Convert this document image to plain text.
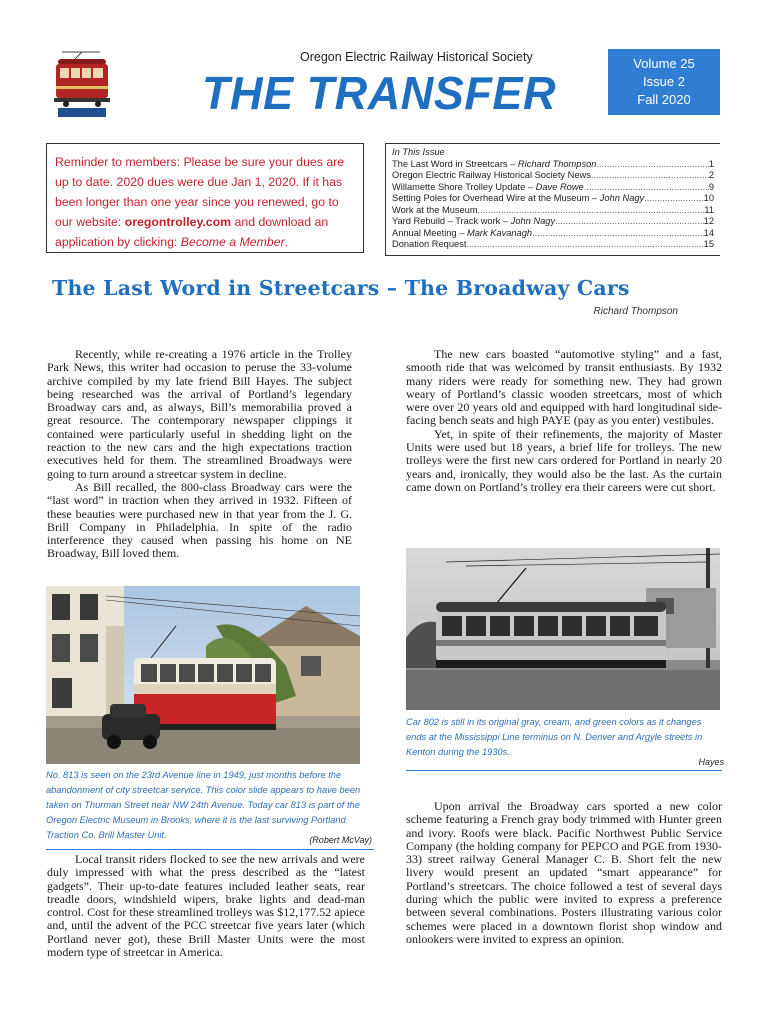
Oregon Electric Railway Historical Society
THE TRANSFER
Volume 25
Issue 2
Fall 2020
Reminder to members: Please be sure your dues are up to date. 2020 dues were due Jan 1, 2020. If it has been longer than one year since you renewed, go to our website: oregontrolley.com and download an application by clicking: Become a Member.
In This Issue
The Last Word in Streetcars – Richard Thompson .....	1
Oregon Electric Railway Historical Society News .....	2
Willamette Shore Trolley Update – Dave Rowe .....	9
Setting Poles for Overhead Wire at the Museum – John Nagy .....	10
Work at the Museum .....	11
Yard Rebuild – Track work – John Nagy .....	12
Annual Meeting – Mark Kavanagh .....	14
Donation Request .....	15
The Last Word in Streetcars – The Broadway Cars
Richard Thompson

Recently, while re-creating a 1976 article in the Trolley Park News, this writer had occasion to peruse the 33-volume archive compiled by my late friend Bill Hayes. The subject being researched was the arrival of Portland’s legendary Broadway cars and, as always, Bill’s memorabilia proved a great resource. The contemporary newspaper clippings it contained were particularly useful in shedding light on the reaction to the new cars and the high expectations traction executives held for them. The streamlined Broadways were going to turn around a streetcar system in decline.

As Bill recalled, the 800-class Broadway cars were the “last word” in traction when they arrived in 1932. Fifteen of these beauties were purchased new in that year from the J. G. Brill Company in Philadelphia. In spite of the radio interference they caused when passing his home on NE Broadway, Bill loved them.

The new cars boasted “automotive styling” and a fast, smooth ride that was welcomed by transit enthusiasts. By 1932 many riders were ready for something new. They had grown weary of Portland’s classic wooden streetcars, most of which were over 20 years old and equipped with hard longitudinal side-facing bench seats and high PAYE (pay as you enter) vestibules.

Yet, in spite of their refinements, the majority of Master Units were used but 18 years, a brief life for trolleys. The new trolleys were the first new cars ordered for Portland in nearly 20 years and, ironically, they would also be the last. As the curtain came down on Portland’s trolley era their careers were cut short.

No. 813 is seen on the 23rd Avenue line in 1949, just months before the abandonment of city streetcar service. This color slide appears to have been taken on Thurman Street near NW 24th Avenue. Today car 813 is part of the Oregon Electric Museum in Brooks, where it is the last surviving Portland Traction Co. Brill Master Unit.	(Robert McVay)

Local transit riders flocked to see the new arrivals and were duly impressed with what the press described as the “latest gadgets”. Their up-to-date features included leather seats, rear treadle doors, windshield wipers, brake lights and dead-man control. Cost for these streamlined trolleys was $12,177.52 apiece and, until the advent of the PCC streetcar five years later (which Portland never got), these Brill Master Units were the most modern type of streetcar in America.

Car 802 is still in its original gray, cream, and green colors as it changes ends at the Mississippi Line terminus on N. Denver and Argyle streets in Kenton during the 1930s.
Hayes

Upon arrival the Broadway cars sported a new color scheme featuring a French gray body trimmed with Hunter green and ivory. Roofs were black. Pacific Northwest Public Service Company (the holding company for PEPCO and PGE from 1930-33) street railway General Manager C. B. Short felt the new livery would present an updated “smart appearance” for Portland’s streetcars. The choice followed a test of several days during which the public were invited to express a preference between several combinations. Posters illustrating various color schemes were placed in a downtown florist shop window and onlookers were invited to express an opinion.
